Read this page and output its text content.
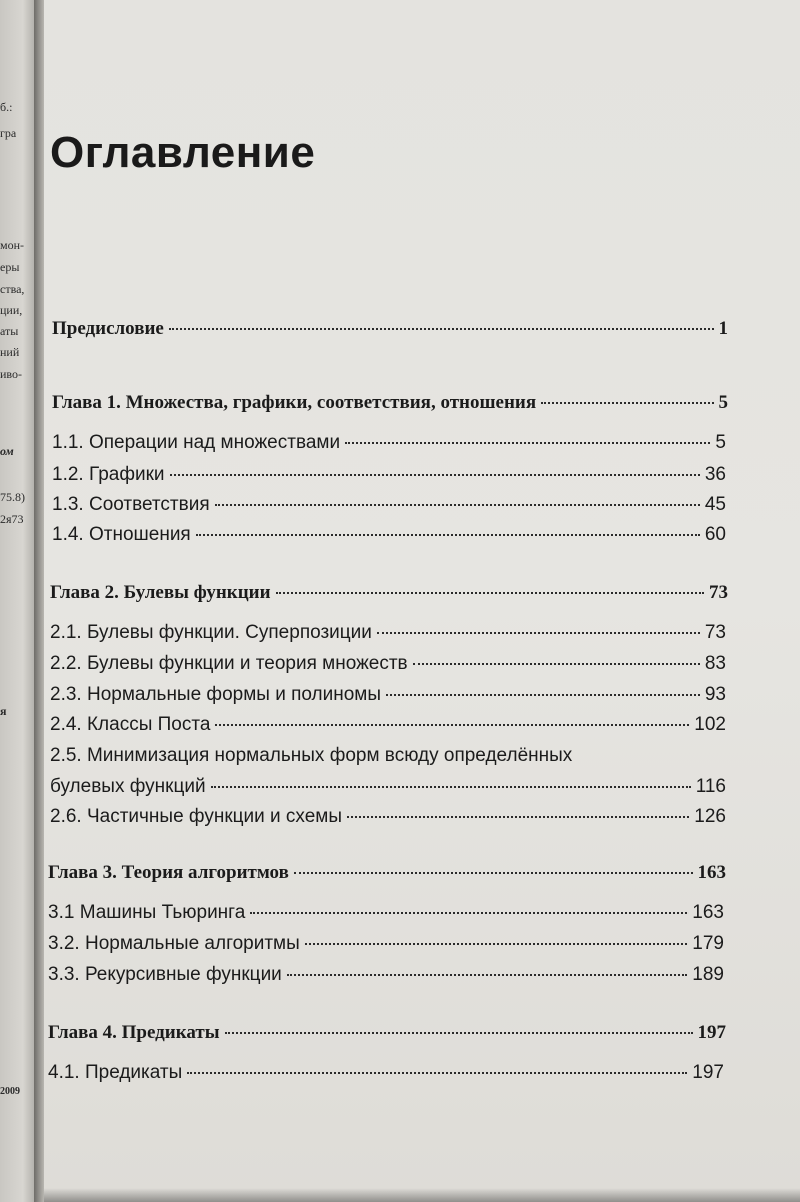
б.:
гра
мон-
еры
ства,
ции,
аты
ний
иво-
ом
75.8)
2я73
я
2009
Оглавление
Предисловие	1
Глава 1. Множества, графики, соответствия, отношения	5
1.1. Операции над множествами	5
1.2. Графики	36
1.3. Соответствия	45
1.4. Отношения	60
Глава 2. Булевы функции	73
2.1. Булевы функции. Суперпозиции	73
2.2. Булевы функции и теория множеств	83
2.3. Нормальные формы и полиномы	93
2.4. Классы Поста	102
2.5. Минимизация нормальных форм всюду определённых
булевых функций	116
2.6. Частичные функции и схемы	126
Глава 3. Теория алгоритмов	163
3.1 Машины Тьюринга	163
3.2. Нормальные алгоритмы	179
3.3. Рекурсивные функции	189
Глава 4. Предикаты	197
4.1. Предикаты	197
